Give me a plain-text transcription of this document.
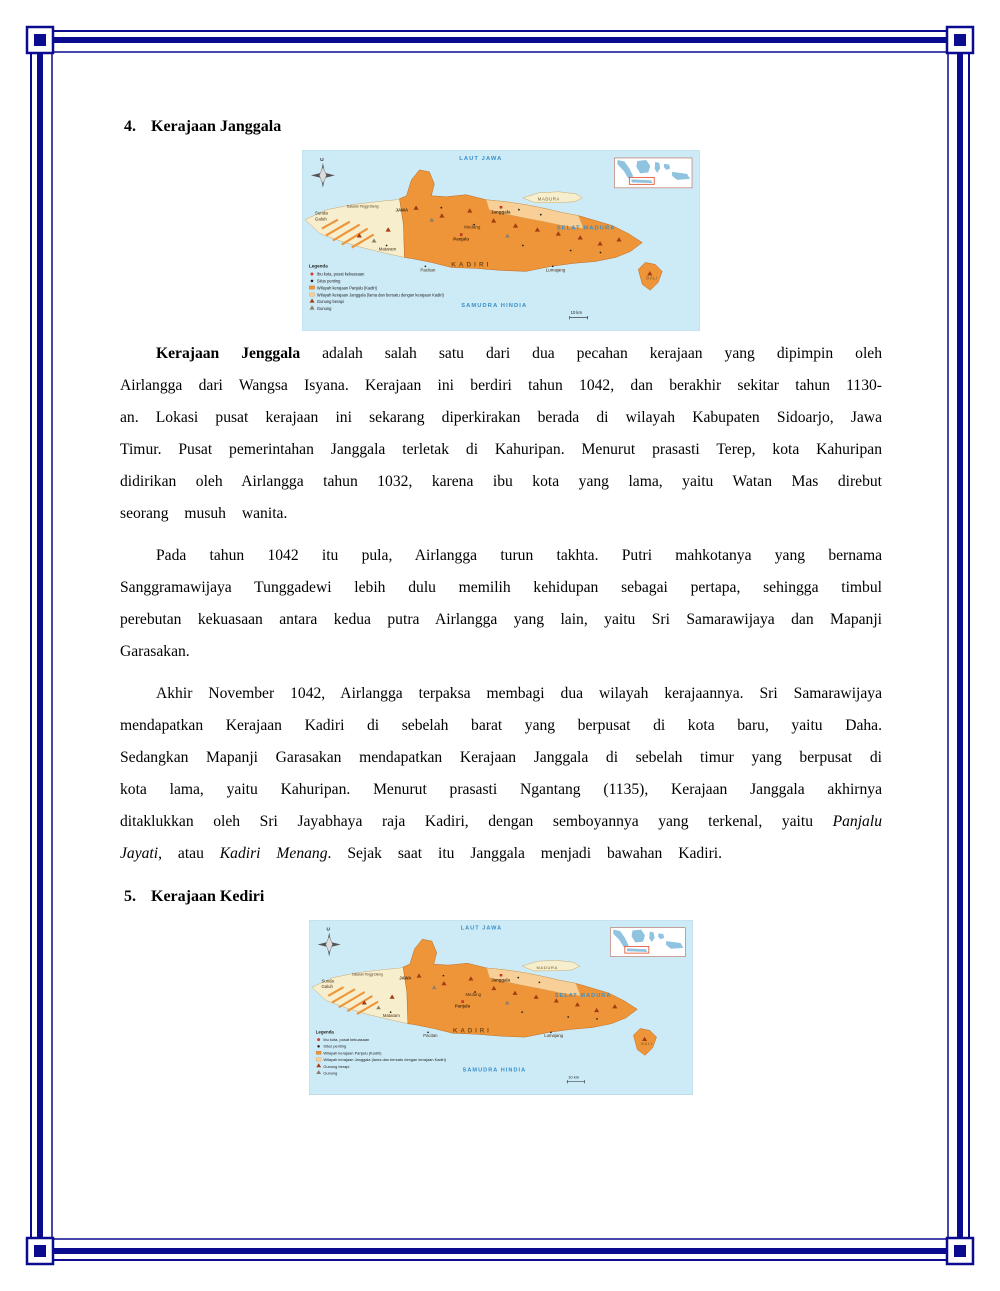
4. Kerajaan Janggala
LAUT JAWA
SELAT MADURA
SAMUDRA HINDIA
JAWA
MADURA
BALI
Sunda
Galuh
Dataran Tinggi Dieng
Janggala
Panjalu
KADIRI
Medang
Mataram
Pacitan	Lumajang
U
Legenda
Ibu kota, pusat kekuasaan
Situs penting
Wilayah kerajaan Panjalu (Kadiri)
Wilayah kerajaan Janggala (lama dan bersatu dengan kerajaan Kadiri)
Gunung berapi
Gunung
10 km

Kerajaan Jenggala adalah salah satu dari dua pecahan kerajaan yang dipimpin oleh Airlangga dari Wangsa Isyana. Kerajaan ini berdiri tahun 1042, dan berakhir sekitar tahun 1130-an. Lokasi pusat kerajaan ini sekarang diperkirakan berada di wilayah Kabupaten Sidoarjo, Jawa Timur. Pusat pemerintahan Janggala terletak di Kahuripan. Menurut prasasti Terep, kota Kahuripan didirikan oleh Airlangga tahun 1032, karena ibu kota yang lama, yaitu Watan Mas direbut seorang musuh wanita.

Pada tahun 1042 itu pula, Airlangga turun takhta. Putri mahkotanya yang bernama Sanggramawijaya Tunggadewi lebih dulu memilih kehidupan sebagai pertapa, sehingga timbul perebutan kekuasaan antara kedua putra Airlangga yang lain, yaitu Sri Samarawijaya dan Mapanji Garasakan.

Akhir November 1042, Airlangga terpaksa membagi dua wilayah kerajaannya. Sri Samarawijaya mendapatkan Kerajaan Kadiri di sebelah barat yang berpusat di kota baru, yaitu Daha. Sedangkan Mapanji Garasakan mendapatkan Kerajaan Janggala di sebelah timur yang berpusat di kota lama, yaitu Kahuripan. Menurut prasasti Ngantang (1135), Kerajaan Janggala akhirnya ditaklukkan oleh Sri Jayabhaya raja Kadiri, dengan semboyannya yang terkenal, yaitu Panjalu Jayati, atau Kadiri Menang. Sejak saat itu Janggala menjadi bawahan Kadiri.

5. Kerajaan Kediri
LAUT JAWA
SELAT MADURA
SAMUDRA HINDIA
JAWA
MADURA
BALI
Sunda
Galuh
Dataran Tinggi Dieng
Janggala
Panjalu
KADIRI
Medang
Mataram
Pacitan	Lumajang
U
Legenda
Ibu kota, pusat kekuasaan
Situs penting
Wilayah kerajaan Panjalu (Kadiri)
Wilayah kerajaan Janggala (lama dan bersatu dengan kerajaan Kadiri)
Gunung berapi
Gunung
10 km
